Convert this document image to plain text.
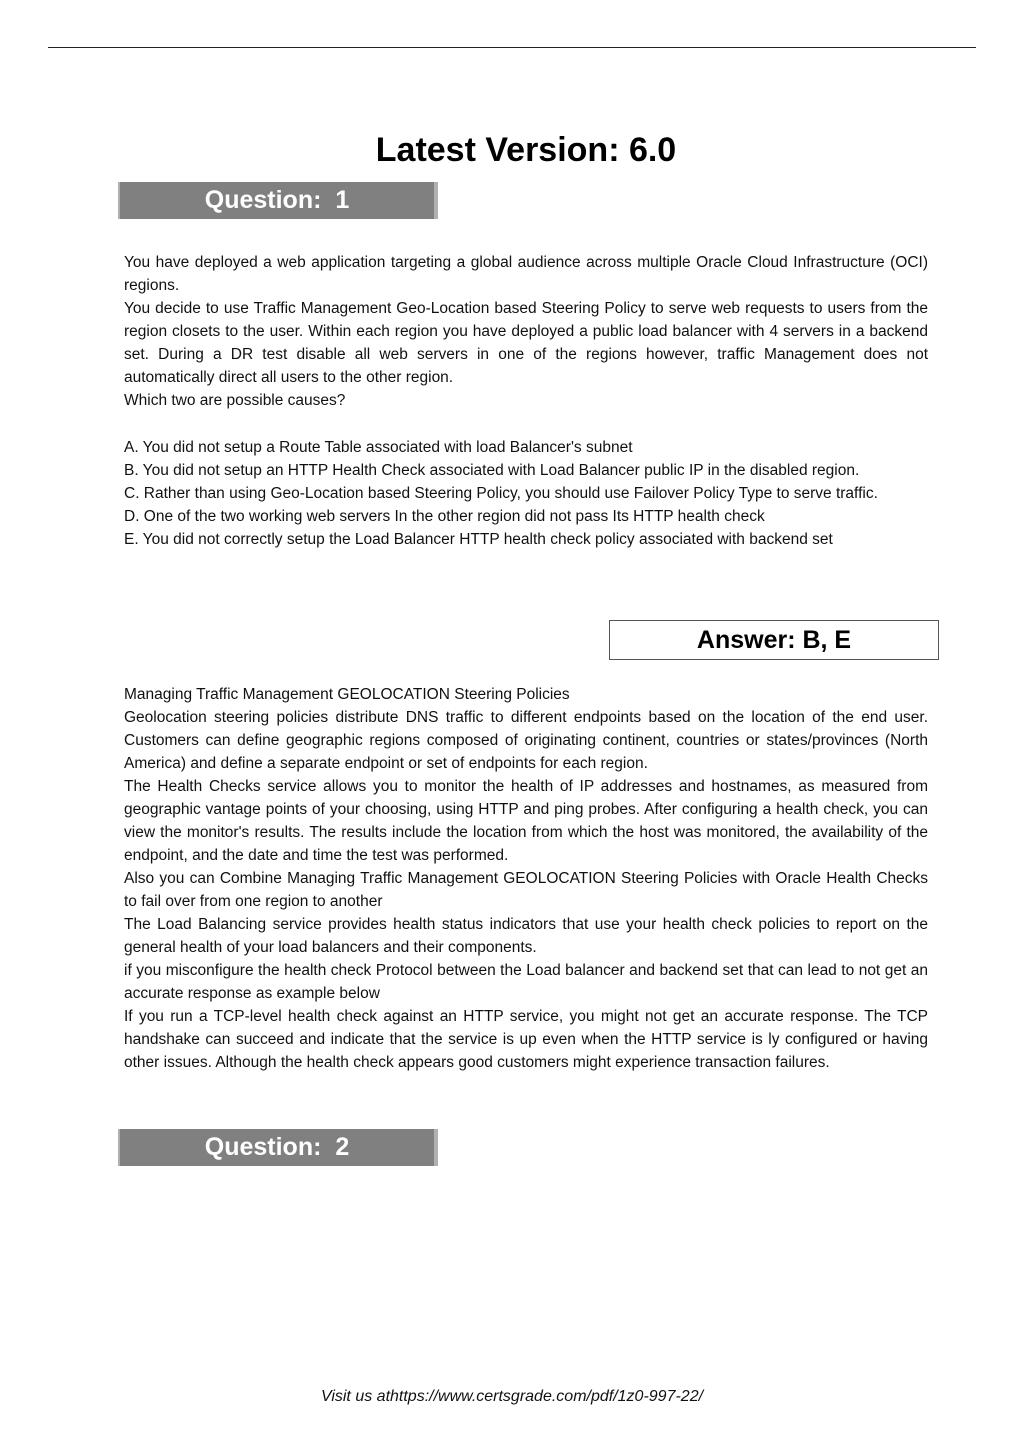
Latest Version: 6.0
Question:  1

You have deployed a web application targeting a global audience across multiple Oracle Cloud Infrastructure (OCI) regions.

You decide to use Traffic Management Geo-Location based Steering Policy to serve web requests to users from the region closets to the user. Within each region you have deployed a public load balancer with 4 servers in a backend set. During a DR test disable all web servers in one of the regions however, traffic Management does not automatically direct all users to the other region.

Which two are possible causes?

A. You did not setup a Route Table associated with load Balancer's subnet

B. You did not setup an HTTP Health Check associated with Load Balancer public IP in the disabled region.

C. Rather than using Geo-Location based Steering Policy, you should use Failover Policy Type to serve traffic.

D. One of the two working web servers In the other region did not pass Its HTTP health check

E. You did not correctly setup the Load Balancer HTTP health check policy associated with backend set

Answer: B, E

Managing Traffic Management GEOLOCATION Steering Policies

Geolocation steering policies distribute DNS traffic to different endpoints based on the location of the end user. Customers can define geographic regions composed of originating continent, countries or states/provinces (North America) and define a separate endpoint or set of endpoints for each region.

The Health Checks service allows you to monitor the health of IP addresses and hostnames, as measured from geographic vantage points of your choosing, using HTTP and ping probes. After configuring a health check, you can view the monitor's results. The results include the location from which the host was monitored, the availability of the endpoint, and the date and time the test was performed.

Also you can Combine Managing Traffic Management GEOLOCATION Steering Policies with Oracle Health Checks to fail over from one region to another

The Load Balancing service provides health status indicators that use your health check policies to report on the general health of your load balancers and their components.

if you misconfigure the health check Protocol between the Load balancer and backend set that can lead to not get an accurate response as example below

If you run a TCP-level health check against an HTTP service, you might not get an accurate response. The TCP handshake can succeed and indicate that the service is up even when the HTTP service is ly configured or having other issues. Although the health check appears good customers might experience transaction failures.

Question:  2
Visit us athttps://www.certsgrade.com/pdf/1z0-997-22/
